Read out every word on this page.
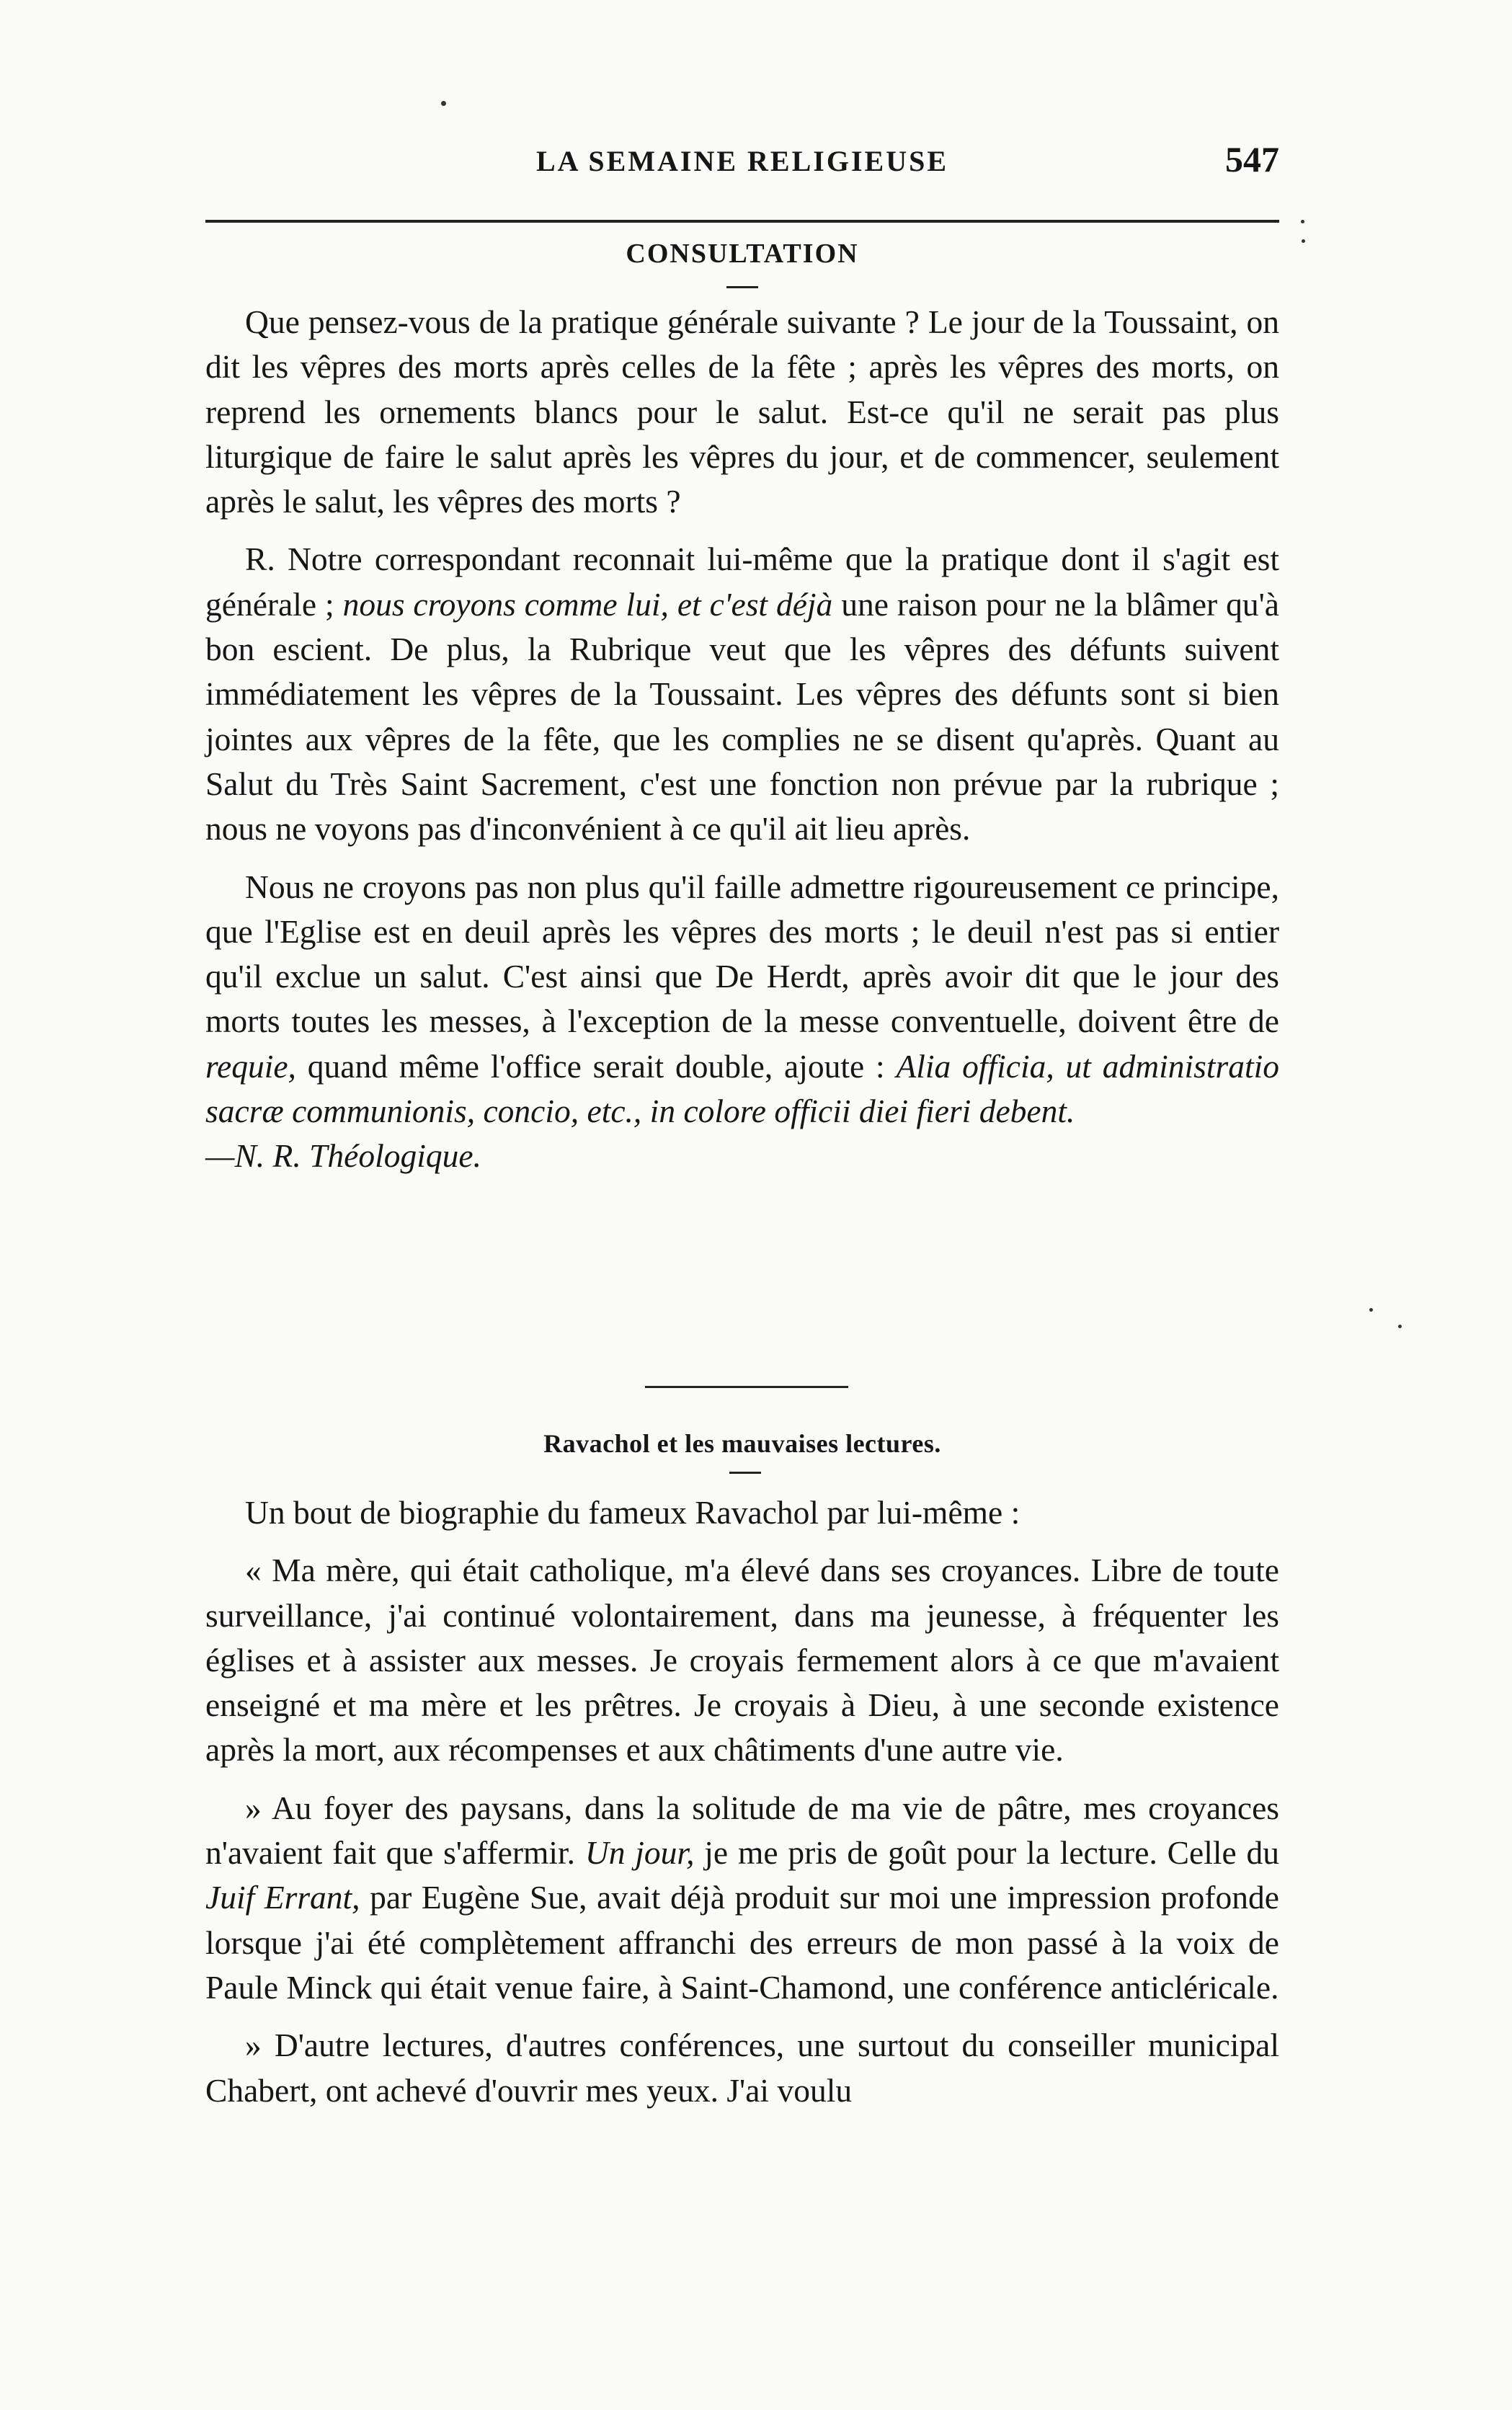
LA SEMAINE RELIGIEUSE	547
CONSULTATION

Que pensez-vous de la pratique générale suivante ? Le jour de la Toussaint, on dit les vêpres des morts après celles de la fête ; après les vêpres des morts, on reprend les ornements blancs pour le salut. Est-ce qu'il ne serait pas plus liturgique de faire le salut après les vêpres du jour, et de commencer, seulement après le salut, les vêpres des morts ?

R. Notre correspondant reconnait lui-même que la pratique dont il s'agit est générale ; nous croyons comme lui, et c'est déjà une raison pour ne la blâmer qu'à bon escient. De plus, la Rubrique veut que les vêpres des défunts suivent immédiatement les vêpres de la Toussaint. Les vêpres des défunts sont si bien jointes aux vêpres de la fête, que les complies ne se disent qu'après. Quant au Salut du Très Saint Sacrement, c'est une fonction non prévue par la rubrique ; nous ne voyons pas d'inconvénient à ce qu'il ait lieu après.

Nous ne croyons pas non plus qu'il faille admettre rigoureusement ce principe, que l'Eglise est en deuil après les vêpres des morts ; le deuil n'est pas si entier qu'il exclue un salut. C'est ainsi que De Herdt, après avoir dit que le jour des morts toutes les messes, à l'exception de la messe conventuelle, doivent être de requie, quand même l'office serait double, ajoute : Alia officia, ut administratio sacræ communionis, concio, etc., in colore officii diei fieri debent.

—N. R. Théologique.

Ravachol et les mauvaises lectures.

Un bout de biographie du fameux Ravachol par lui-même :

« Ma mère, qui était catholique, m'a élevé dans ses croyances. Libre de toute surveillance, j'ai continué volontairement, dans ma jeunesse, à fréquenter les églises et à assister aux messes. Je croyais fermement alors à ce que m'avaient enseigné et ma mère et les prêtres. Je croyais à Dieu, à une seconde existence après la mort, aux récompenses et aux châtiments d'une autre vie.

» Au foyer des paysans, dans la solitude de ma vie de pâtre, mes croyances n'avaient fait que s'affermir. Un jour, je me pris de goût pour la lecture. Celle du Juif Errant, par Eugène Sue, avait déjà produit sur moi une impression profonde lorsque j'ai été complètement affranchi des erreurs de mon passé à la voix de Paule Minck qui était venue faire, à Saint-Chamond, une conférence anticléricale.

» D'autre lectures, d'autres conférences, une surtout du conseiller municipal Chabert, ont achevé d'ouvrir mes yeux. J'ai voulu
